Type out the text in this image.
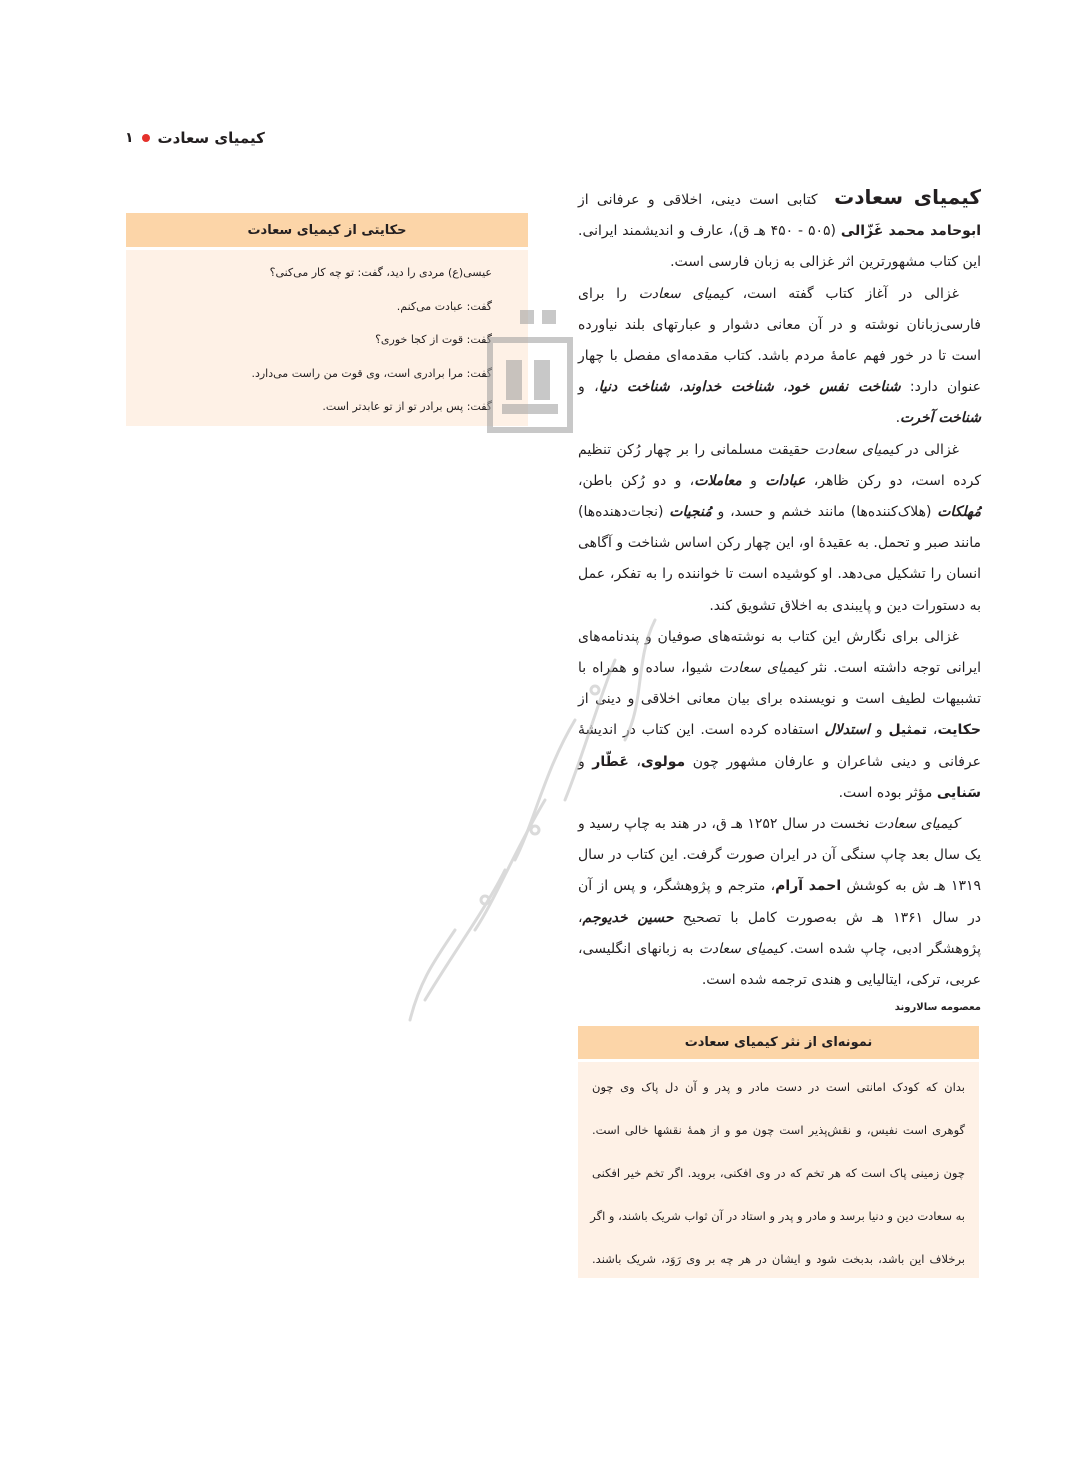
کیمیای سعادت
۱

کیمیای سعادت  کتابی است دینی، اخلاقی و عرفانی از ابوحامد محمد غَزّالی (۵۰۵ - ۴۵۰ هـ ق)، عارف و اندیشمند ایرانی. این کتاب مشهورترین اثر غزالی به زبان فارسی است.

غزالی در آغاز کتاب گفته است، کیمیای سعادت را برای فارسی‌زبانان نوشته و در آن معانی دشوار و عبارتهای بلند نیاورده است تا در خور فهم عامهٔ مردم باشد. کتاب مقدمه‌ای مفصل با چهار عنوان دارد: شناخت نفس خود، شناخت خداوند، شناخت دنیا، و شناخت آخرت.

غزالی در کیمیای سعادت حقیقت مسلمانی را بر چهار رُکن تنظیم کرده است، دو رکن ظاهر، عبادات و معاملات، و دو رُکن باطن، مُهلکات (هلاک‌کننده‌ها) مانند خشم و حسد، و مُنجیات (نجات‌دهنده‌ها) مانند صبر و تحمل. به عقیدهٔ او، این چهار رکن اساس شناخت و آگاهی انسان را تشکیل می‌دهد. او کوشیده است تا خواننده را به تفکر، عمل به دستورات دین و پایبندی به اخلاق تشویق کند.

غزالی برای نگارش این کتاب به نوشته‌های صوفیان و پندنامه‌های ایرانی توجه داشته است. نثر کیمیای سعادت شیوا، ساده و همراه با تشبیهات لطیف است و نویسنده برای بیان معانی اخلاقی و دینی از حکایت، تمثیل و استدلال استفاده کرده است. این کتاب در اندیشهٔ عرفانی و دینی شاعران و عارفان مشهور چون مولوی، عَطّار و سَنایی مؤثر بوده است.

کیمیای سعادت نخست در سال ۱۲۵۲ هـ ق، در هند به چاپ رسید و یک سال بعد چاپ سنگی آن در ایران صورت گرفت. این کتاب در سال ۱۳۱۹ هـ ش به کوشش احمد آرام، مترجم و پژوهشگر، و پس از آن در سال ۱۳۶۱ هـ ش به‌صورت کامل با تصحیح حسین خدیوجم، پژوهشگر ادبی، چاپ شده است. کیمیای سعادت به زبانهای انگلیسی، عربی، ترکی، ایتالیایی و هندی ترجمه شده است.

معصومه سالاروند
حکایتی از کیمیای سعادت
عیسی(ع) مردی را دید، گفت: تو چه کار می‌کنی؟
گفت: عبادت می‌کنم.
گفت: قوت از کجا خوری؟
گفت: مرا برادری است، وی قوت من راست می‌دارد.
گفت: پس برادر تو از تو عابدتر است.
نمونه‌ای از نثر کیمیای سعادت
بدان که کودک امانتی است در دست مادر و پدر و آن دل پاک وی چون
گوهری است نفیس، و نقش‌پذیر است چون مو و از همهٔ نقشها خالی است.
چون زمینی پاک است که هر تخم که در وی افکنی، بروید. اگر تخم خیر افکنی
به سعادت دین و دنیا برسد و مادر و پدر و استاد در آن ثواب شریک باشند، و اگر
برخلاف این باشد، بدبخت شود و ایشان در هر چه بر وی رَوَد، شریک باشند.
